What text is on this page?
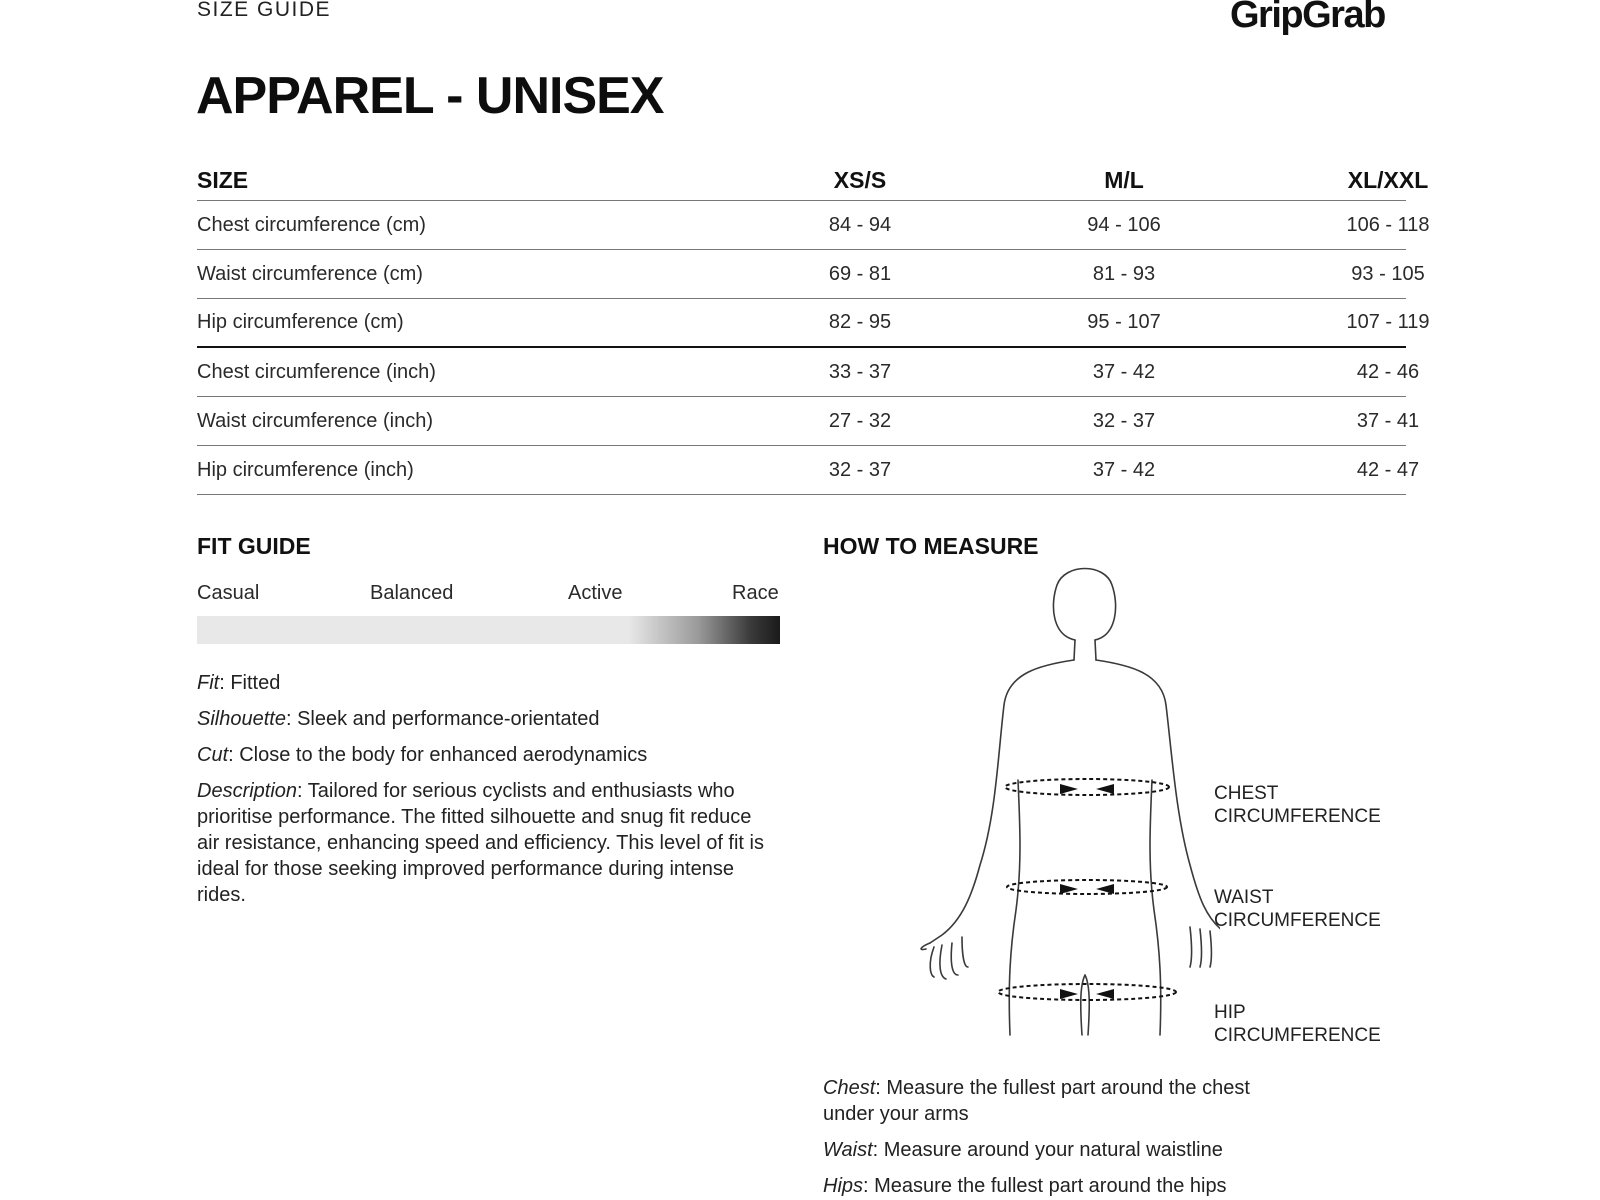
SIZE GUIDE	GripGrab
APPAREL - UNISEX
SIZE	XS/S	M/L	XL/XXL
Chest circumference (cm)	84 - 94	94 - 106	106 - 118
Waist circumference (cm)	69 - 81	81 - 93	93 - 105
Hip circumference (cm)	82 - 95	95 - 107	107 - 119
Chest circumference (inch)	33 - 37	37 - 42	42 - 46
Waist circumference (inch)	27 - 32	32 - 37	37 - 41
Hip circumference (inch)	32 - 37	37 - 42	42 - 47
FIT GUIDE
Casual	Balanced	Active	Race
Fit: Fitted
Silhouette: Sleek and performance-orientated
Cut: Close to the body for enhanced aerodynamics
Description: Tailored for serious cyclists and enthusiasts who prioritise performance. The fitted silhouette and snug fit reduce air resistance, enhancing speed and efficiency. This level of fit is ideal for those seeking improved performance during intense rides.
HOW TO MEASURE
CHEST
CIRCUMFERENCE
WAIST
CIRCUMFERENCE
HIP
CIRCUMFERENCE
Chest: Measure the fullest part around the chest under your arms
Waist: Measure around your natural waistline
Hips: Measure the fullest part around the hips
